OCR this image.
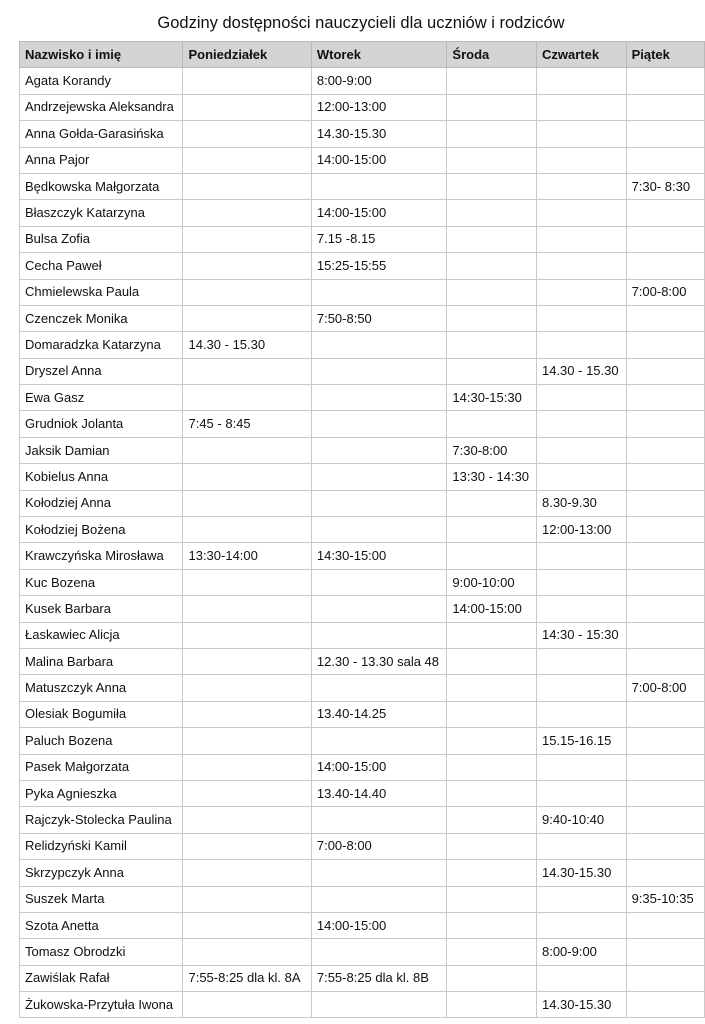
Godziny dostępności nauczycieli dla uczniów i rodziców
Nazwisko i imię	Poniedziałek	Wtorek	Środa	Czwartek	Piątek
Agata Korandy		8:00-9:00			
Andrzejewska Aleksandra		12:00-13:00			
Anna Gołda-Garasińska		14.30-15.30			
Anna Pajor		14:00-15:00			
Będkowska Małgorzata					7:30- 8:30
Błaszczyk Katarzyna		14:00-15:00			
Bulsa Zofia		7.15 -8.15			
Cecha Paweł		15:25-15:55			
Chmielewska Paula					7:00-8:00
Czenczek Monika		7:50-8:50			
Domaradzka Katarzyna	14.30 - 15.30				
Dryszel Anna				14.30 - 15.30	
Ewa Gasz			14:30-15:30		
Grudniok Jolanta	7:45 - 8:45				
Jaksik Damian			7:30-8:00		
Kobielus Anna			13:30 - 14:30		
Kołodziej Anna				8.30-9.30	
Kołodziej Bożena				12:00-13:00	
Krawczyńska Mirosława	13:30-14:00	14:30-15:00			
Kuc Bozena			9:00-10:00		
Kusek Barbara			14:00-15:00		
Łaskawiec Alicja				14:30 - 15:30	
Malina Barbara		12.30 - 13.30 sala 48			
Matuszczyk Anna					7:00-8:00
Olesiak Bogumiła		13.40-14.25			
Paluch Bozena				15.15-16.15	
Pasek Małgorzata		14:00-15:00			
Pyka Agnieszka		13.40-14.40			
Rajczyk-Stolecka Paulina				9:40-10:40	
Relidzyński Kamil		7:00-8:00			
Skrzypczyk Anna				14.30-15.30	
Suszek Marta					9:35-10:35
Szota Anetta		14:00-15:00			
Tomasz Obrodzki				8:00-9:00	
Zawiślak Rafał	7:55-8:25 dla kl. 8A	7:55-8:25 dla kl. 8B			
Żukowska-Przytuła Iwona				14.30-15.30	
